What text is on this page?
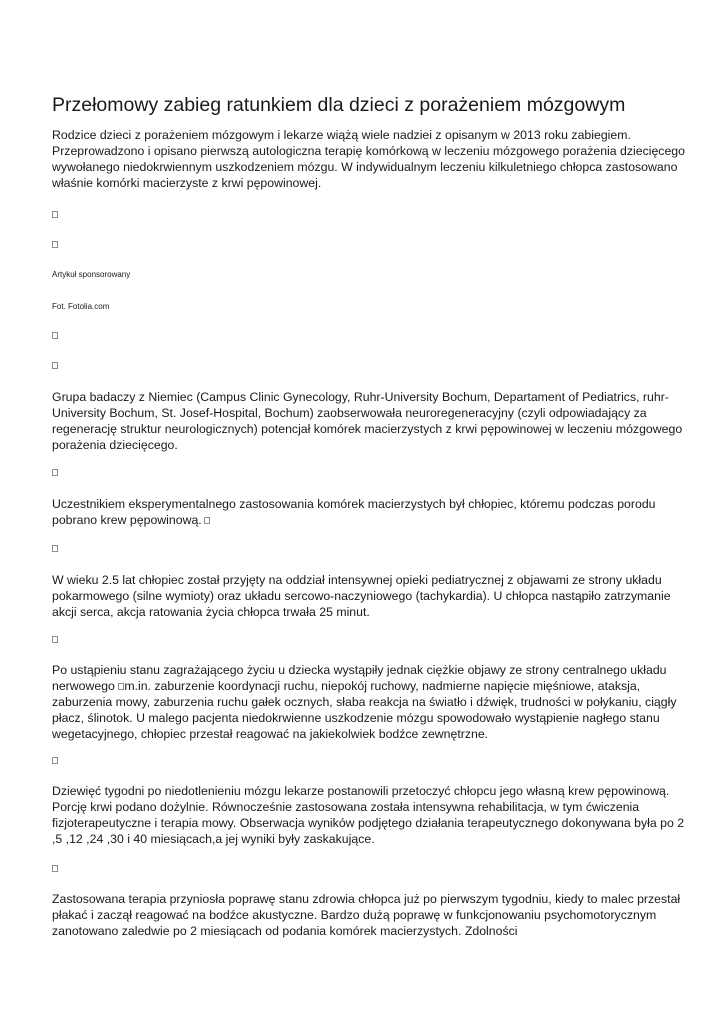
Przełomowy zabieg ratunkiem dla dzieci z porażeniem mózgowym

Rodzice dzieci z porażeniem mózgowym i lekarze wiążą wiele nadziei z opisanym w 2013 roku zabiegiem. Przeprowadzono i opisano pierwszą autologiczna terapię komórkową w leczeniu mózgowego porażenia dziecięcego wywołanego niedokrwiennym uszkodzeniem mózgu. W indywidualnym leczeniu kilkuletniego chłopca zastosowano właśnie komórki macierzyste z krwi pępowinowej.

Artykuł sponsorowany

Fot. Fotolia.com

Grupa badaczy z Niemiec (Campus Clinic Gynecology, Ruhr-University Bochum, Departament of Pediatrics, ruhr-University Bochum, St. Josef-Hospital, Bochum) zaobserwowała neuroregeneracyjny (czyli odpowiadający za regenerację struktur neurologicznych) potencjał komórek macierzystych z krwi pępowinowej w leczeniu mózgowego porażenia dziecięcego.

Uczestnikiem eksperymentalnego zastosowania komórek macierzystych był chłopiec, któremu podczas porodu pobrano krew pępowinową.

W wieku 2.5 lat chłopiec został przyjęty na oddział intensywnej opieki pediatrycznej z objawami ze strony układu pokarmowego (silne wymioty) oraz układu sercowo-naczyniowego (tachykardia). U chłopca nastąpiło zatrzymanie akcji serca, akcja ratowania życia chłopca trwała 25 minut.

Po ustąpieniu stanu zagrażającego życiu u dziecka wystąpiły jednak ciężkie objawy ze strony centralnego układu nerwowego m.in. zaburzenie koordynacji ruchu, niepokój ruchowy, nadmierne napięcie mięśniowe, ataksja, zaburzenia mowy, zaburzenia ruchu gałek ocznych, słaba reakcja na światło i dźwięk, trudności w połykaniu, ciągły płacz, ślinotok. U malego pacjenta niedokrwienne uszkodzenie mózgu spowodowało wystąpienie nagłego stanu wegetacyjnego, chłopiec przestał reagować na jakiekolwiek bodźce zewnętrzne.

Dziewięć tygodni po niedotlenieniu mózgu lekarze postanowili przetoczyć chłopcu jego własną krew pępowinową. Porcję krwi podano dożylnie. Równocześnie zastosowana została intensywna rehabilitacja, w tym ćwiczenia fizjoterapeutyczne i terapia mowy. Obserwacja wyników podjętego działania terapeutycznego dokonywana była po 2 ,5 ,12 ,24 ,30 i 40 miesiącach,a jej wyniki były zaskakujące.

Zastosowana terapia przyniosła poprawę stanu zdrowia chłopca już po pierwszym tygodniu, kiedy to malec przestał płakać i zaczął reagować na bodźce akustyczne. Bardzo dużą poprawę w funkcjonowaniu psychomotorycznym zanotowano zaledwie po 2 miesiącach od podania komórek macierzystych. Zdolności
